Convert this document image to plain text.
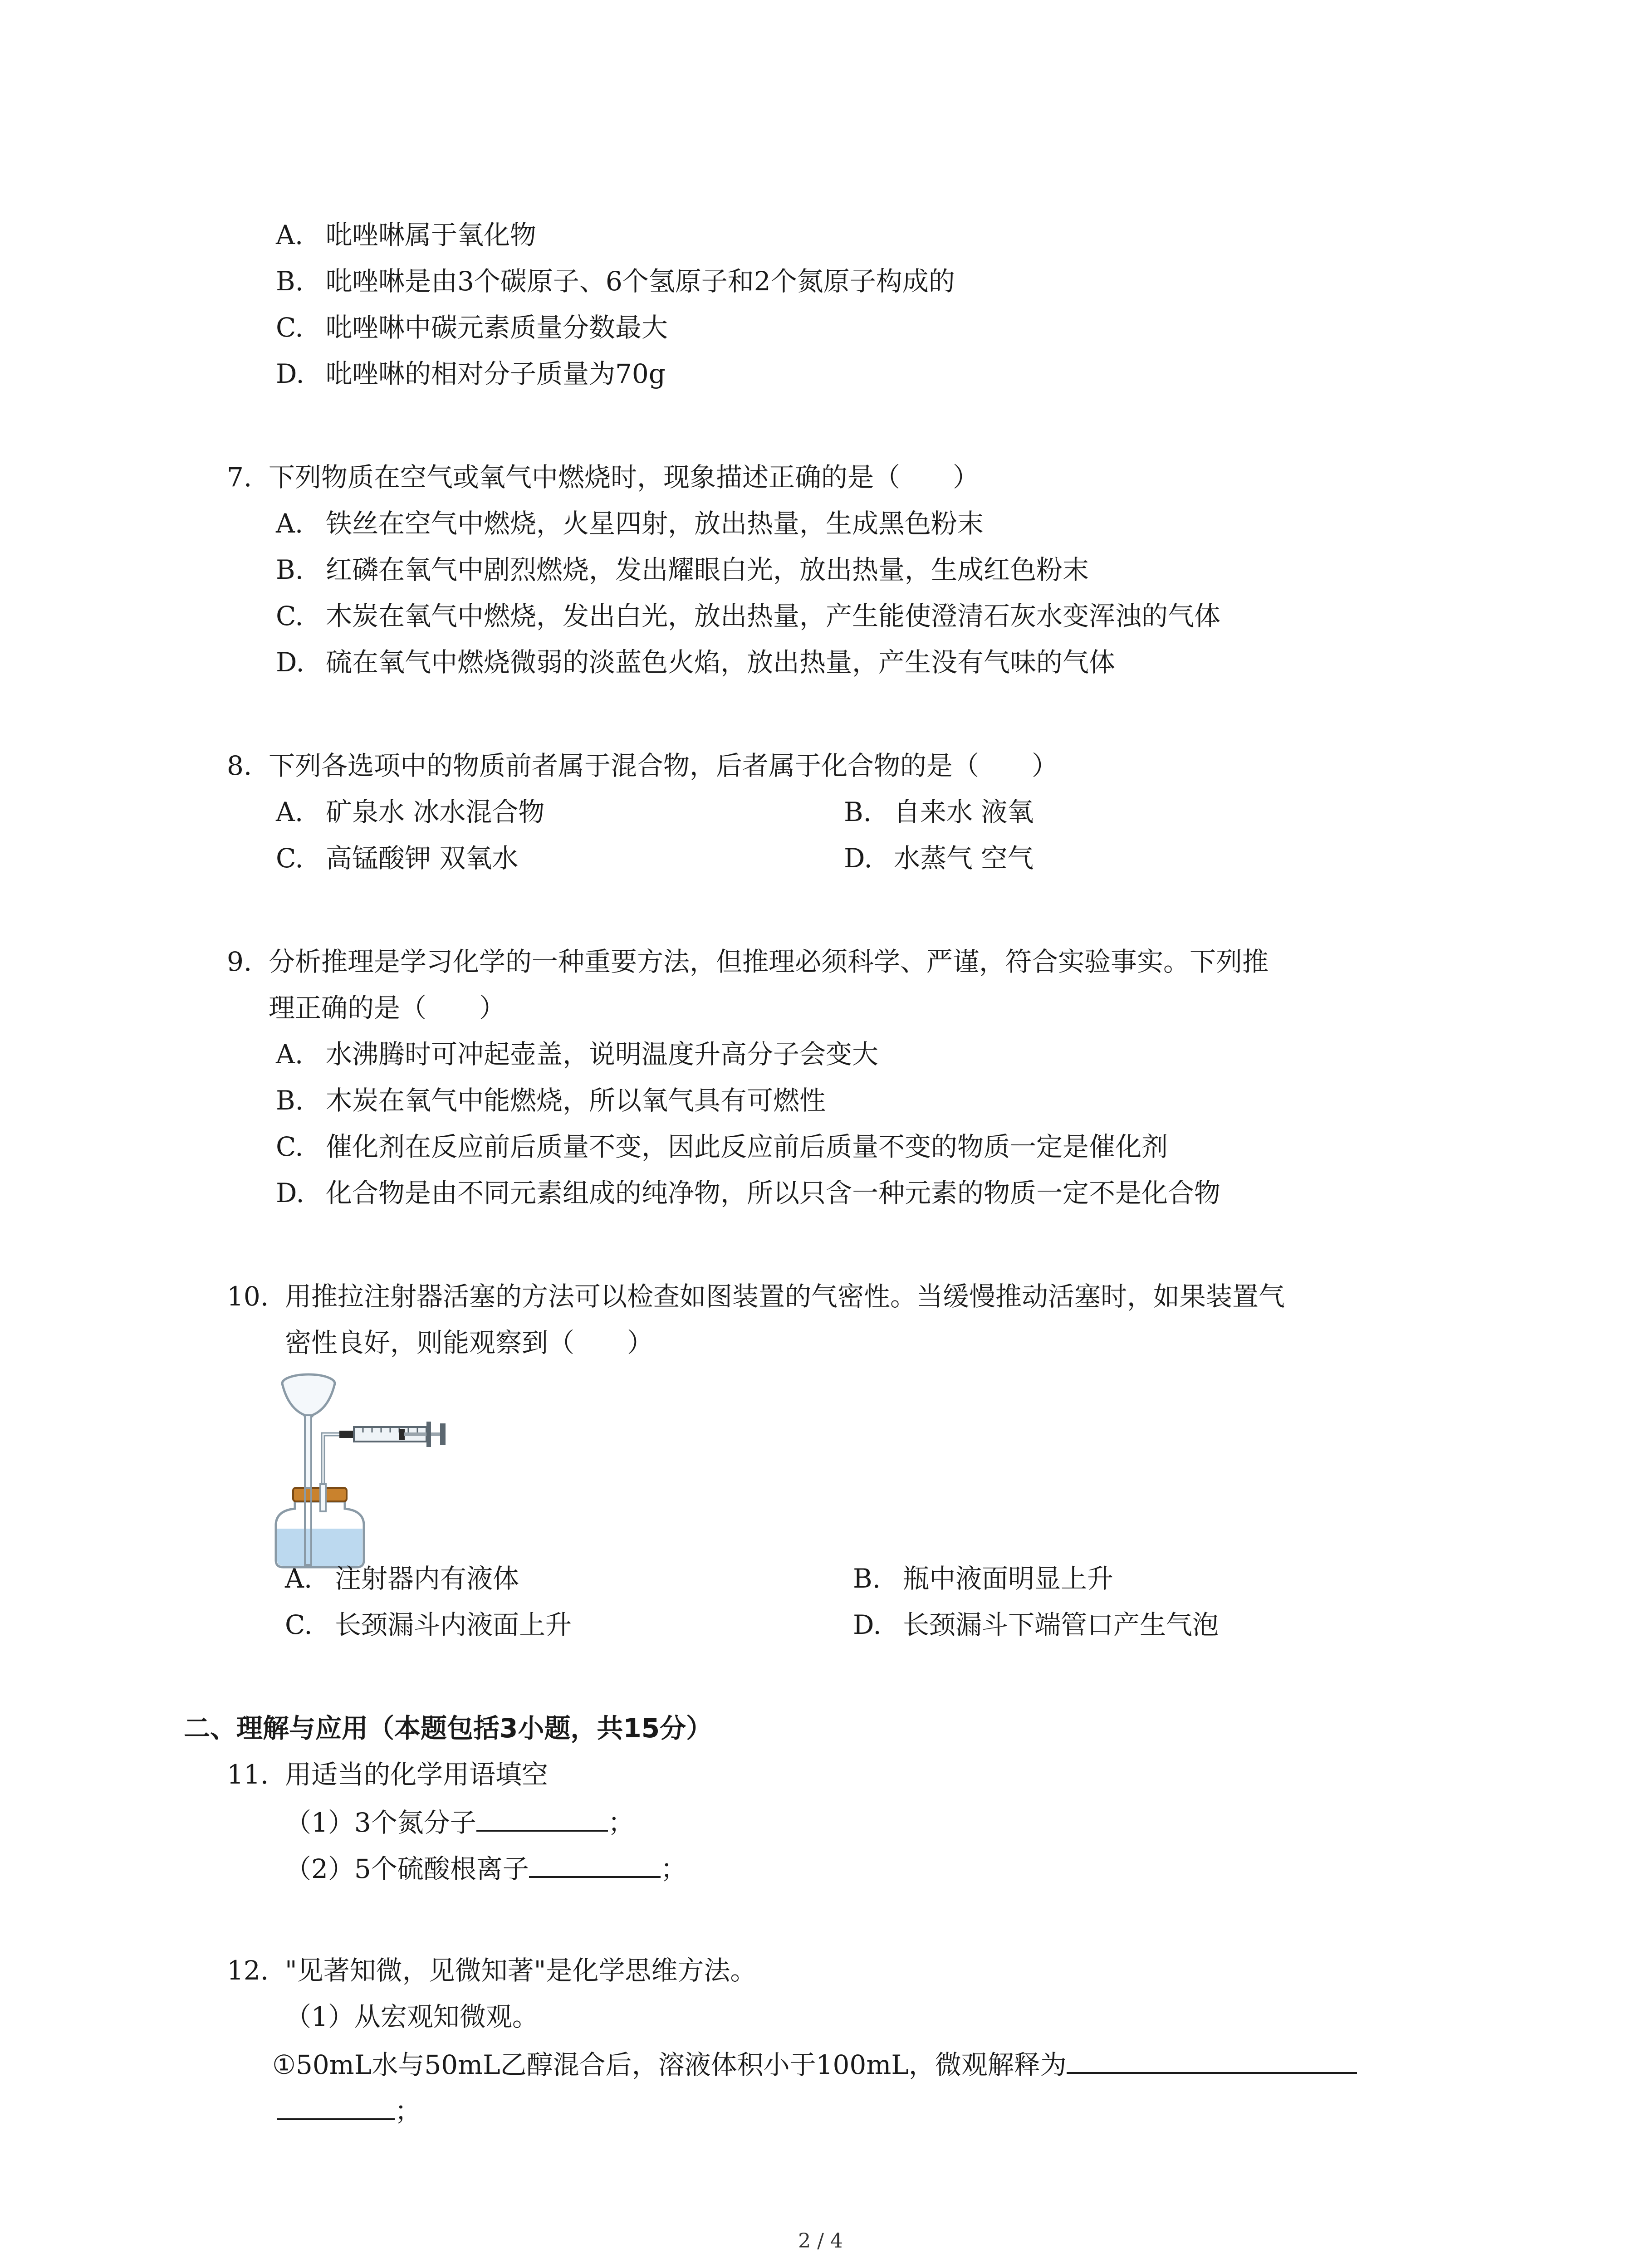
A. 吡唑啉属于氧化物
B. 吡唑啉是由3个碳原子、6个氢原子和2个氮原子构成的
C. 吡唑啉中碳元素质量分数最大
D. 吡唑啉的相对分子质量为70g
7. 下列物质在空气或氧气中燃烧时，现象描述正确的是（　　）
A. 铁丝在空气中燃烧，火星四射，放出热量，生成黑色粉末
B. 红磷在氧气中剧烈燃烧，发出耀眼白光，放出热量，生成红色粉末
C. 木炭在氧气中燃烧，发出白光，放出热量，产生能使澄清石灰水变浑浊的气体
D. 硫在氧气中燃烧微弱的淡蓝色火焰，放出热量，产生没有气味的气体
8. 下列各选项中的物质前者属于混合物，后者属于化合物的是（　　）
A. 矿泉水 冰水混合物	B. 自来水 液氧
C. 高锰酸钾 双氧水	D. 水蒸气 空气
9. 分析推理是学习化学的一种重要方法，但推理必须科学、严谨，符合实验事实。下列推
理正确的是（　　）
A. 水沸腾时可冲起壶盖，说明温度升高分子会变大
B. 木炭在氧气中能燃烧，所以氧气具有可燃性
C. 催化剂在反应前后质量不变，因此反应前后质量不变的物质一定是催化剂
D. 化合物是由不同元素组成的纯净物，所以只含一种元素的物质一定不是化合物
10. 用推拉注射器活塞的方法可以检查如图装置的气密性。当缓慢推动活塞时，如果装置气
密性良好，则能观察到（　　）
A. 注射器内有液体	B. 瓶中液面明显上升
C. 长颈漏斗内液面上升	D. 长颈漏斗下端管口产生气泡
二、理解与应用（本题包括3小题，共15分）
11. 用适当的化学用语填空
（1）3个氮分子	；
（2）5个硫酸根离子	；
12. "见著知微，见微知著"是化学思维方法。
（1）从宏观知微观。
①50mL水与50mL乙醇混合后，溶液体积小于100mL，微观解释为
；
2 / 4
